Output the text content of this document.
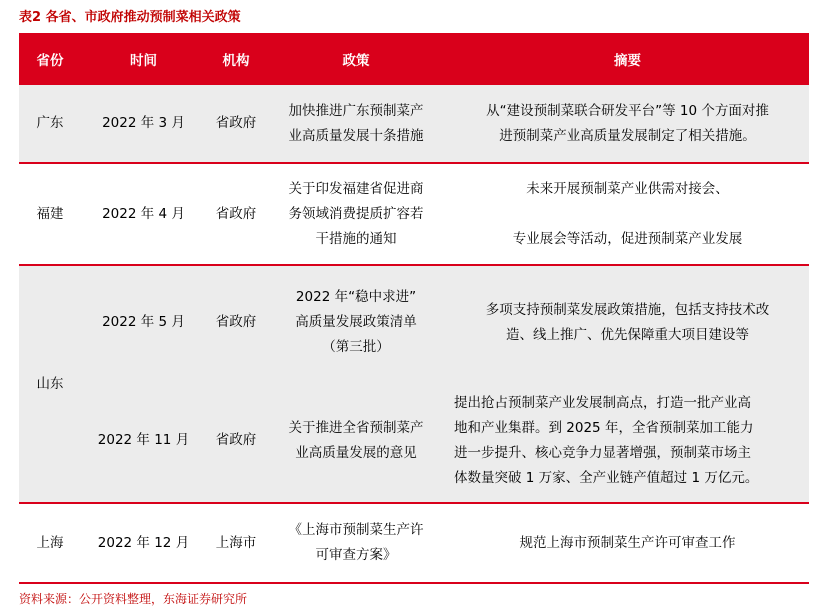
表2 各省、市政府推动预制菜相关政策
省份	时间	机构	政策	摘要
广东	2022 年 3 月	省政府	加快推进广东预制菜产
业高质量发展十条措施	从“建设预制菜联合研发平台”等 10 个方面对推
进预制菜产业高质量发展制定了相关措施。
福建	2022 年 4 月	省政府	关于印发福建省促进商
务领域消费提质扩容若
干措施的通知	未来开展预制菜产业供需对接会、

专业展会等活动，促进预制菜产业发展
山东	2022 年 5 月	省政府	2022 年“稳中求进”
高质量发展政策清单
（第三批）	多项支持预制菜发展政策措施，包括支持技术改
造、线上推广、优先保障重大项目建设等
	2022 年 11 月	省政府	关于推进全省预制菜产
业高质量发展的意见	提出抢占预制菜产业发展制高点，打造一批产业高
地和产业集群。到 2025 年，全省预制菜加工能力
进一步提升、核心竞争力显著增强，预制菜市场主
体数量突破 1 万家、全产业链产值超过 1 万亿元。
上海	2022 年 12 月	上海市	《上海市预制菜生产许
可审查方案》	规范上海市预制菜生产许可审查工作
资料来源：公开资料整理，东海证券研究所
